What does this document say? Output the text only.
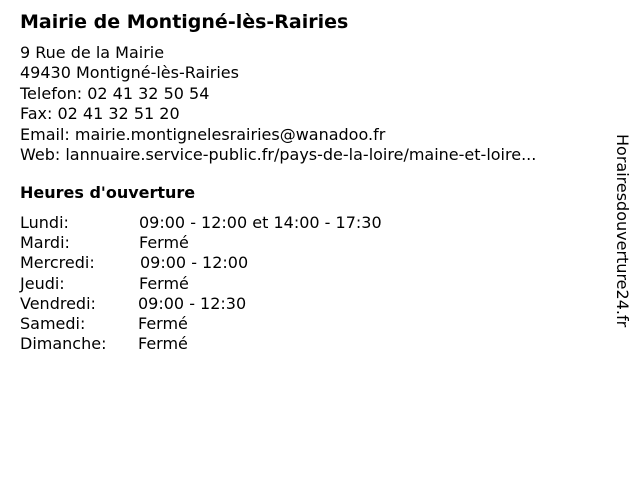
Mairie de Montigné-lès-Rairies
9 Rue de la Mairie
49430 Montigné-lès-Rairies
Telefon: 02 41 32 50 54
Fax: 02 41 32 51 20
Email: mairie.montignelesrairies@wanadoo.fr
Web: lannuaire.service-public.fr/pays-de-la-loire/maine-et-loire...
Heures d'ouverture
Lundi:	09:00 - 12:00 et 14:00 - 17:30
Mardi:	Fermé
Mercredi:	09:00 - 12:00
Jeudi:	Fermé
Vendredi:	09:00 - 12:30
Samedi:	Fermé
Dimanche: Fermé
Horairesdouverture24.fr
